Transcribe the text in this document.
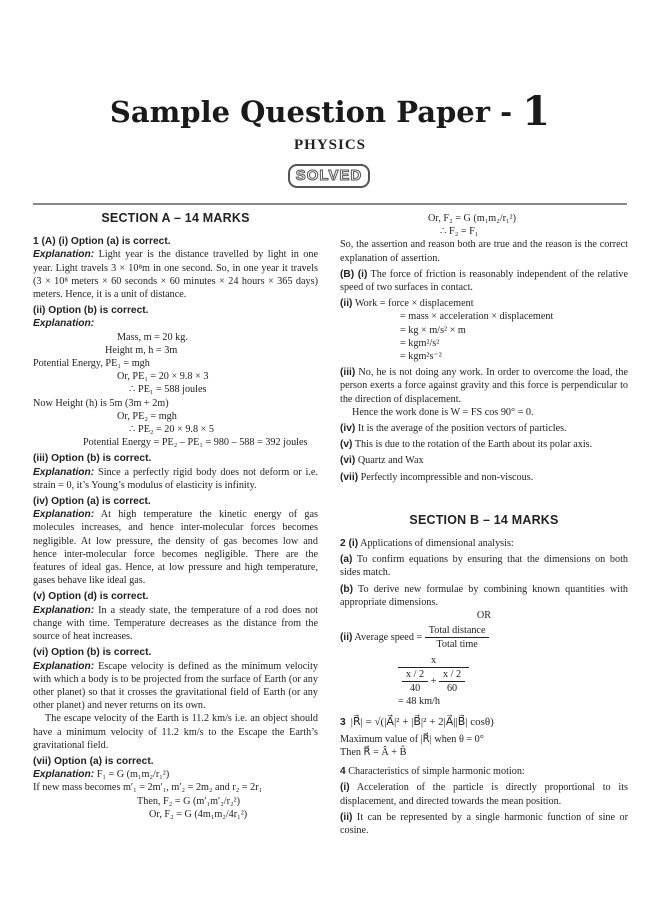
Sample Question Paper - 1
PHYSICS
SOLVED
SECTION A – 14 MARKS

1 (A) (i) Option (a) is correct.

Explanation: Light year is the distance travelled by light in one year. Light travels 3 × 10⁸m in one second. So, in one year it travels (3 × 10⁸ meters × 60 seconds × 60 minutes × 24 hours × 365 days) meters. Hence, it is a unit of distance.

(ii) Option (b) is correct.

Explanation:

Mass, m = 20 kg.

Height m, h = 3m

Potential Energy, PE₁ = mgh

Or, PE₁ = 20 × 9.8 × 3

∴ PE₁ = 588 joules

Now Height (h) is 5m (3m + 2m)

Or, PE₂ = mgh

∴ PE₂ = 20 × 9.8 × 5

Potential Energy = PE₂ – PE₁ = 980 – 588 = 392 joules

(iii) Option (b) is correct.

Explanation: Since a perfectly rigid body does not deform or i.e. strain = 0, it’s Young’s modulus of elasticity is infinity.

(iv) Option (a) is correct.

Explanation: At high temperature the kinetic energy of gas molecules increases, and hence inter-molecular forces becomes negligible. At low pressure, the density of gas becomes low and hence inter-molecular force becomes negligible. There are the features of ideal gas. Hence, at low pressure and high temperature, gases behave like ideal gas.

(v) Option (d) is correct.

Explanation: In a steady state, the temperature of a rod does not change with time. Temperature decreases as the distance from the source of heat increases.

(vi) Option (b) is correct.

Explanation: Escape velocity is defined as the minimum velocity with which a body is to be projected from the surface of Earth (or any other planet) so that it crosses the gravitational field of Earth (or any other planet) and never returns on its own.

The escape velocity of the Earth is 11.2 km/s i.e. an object should have a minimum velocity of 11.2 km/s to the Escape the Earth’s gravitational field.

(vii) Option (a) is correct.

Explanation: F₁ = G (m₁m₂/r₁²)

If new mass becomes m′₁ = 2m′₁, m′₂ = 2m₂ and r₂ = 2r₁

Then, F₂ = G (m′₁m′₂/r₂²)

Or, F₂ = G (4m₁m₂/4r₁²)

Or, F₂ = G (m₁m₂/r₁²)

∴ F₂ = F₁

So, the assertion and reason both are true and the reason is the correct explanation of assertion.

(B) (i) The force of friction is reasonably independent of the relative speed of two surfaces in contact.

(ii) Work = force × displacement

= mass × acceleration × displacement

= kg × m/s² × m

= kgm²/s²

= kgm²s⁻²

(iii) No, he is not doing any work. In order to overcome the load, the person exerts a force against gravity and this force is perpendicular to the direction of displacement.

Hence the work done is W = FS cos 90° = 0.

(iv) It is the average of the position vectors of particles.

(v) This is due to the rotation of the Earth about its polar axis.

(vi) Quartz and Wax

(vii) Perfectly incompressible and non-viscous.

SECTION B – 14 MARKS

2 (i) Applications of dimensional analysis:

(a) To confirm equations by ensuring that the dimensions on both sides match.

(b) To derive new formulae by combining known quantities with appropriate dimensions.

OR

(ii) Average speed = $\frac{\text{Total distance}}{\text{Total time}}$

$\frac{x}{\frac{x / 2}{40} + \frac{x / 2}{60}}$

= 48 km/h

3 |R⃗| = √(|A⃗|² + |B⃗|² + 2|A⃗||B⃗| cosθ)

Maximum value of |R⃗| when θ = 0°

Then R⃗ = Â + B̂

4 Characteristics of simple harmonic motion:

(i) Acceleration of the particle is directly proportional to its displacement, and directed towards the mean position.

(ii) It can be represented by a single harmonic function of sine or cosine.
